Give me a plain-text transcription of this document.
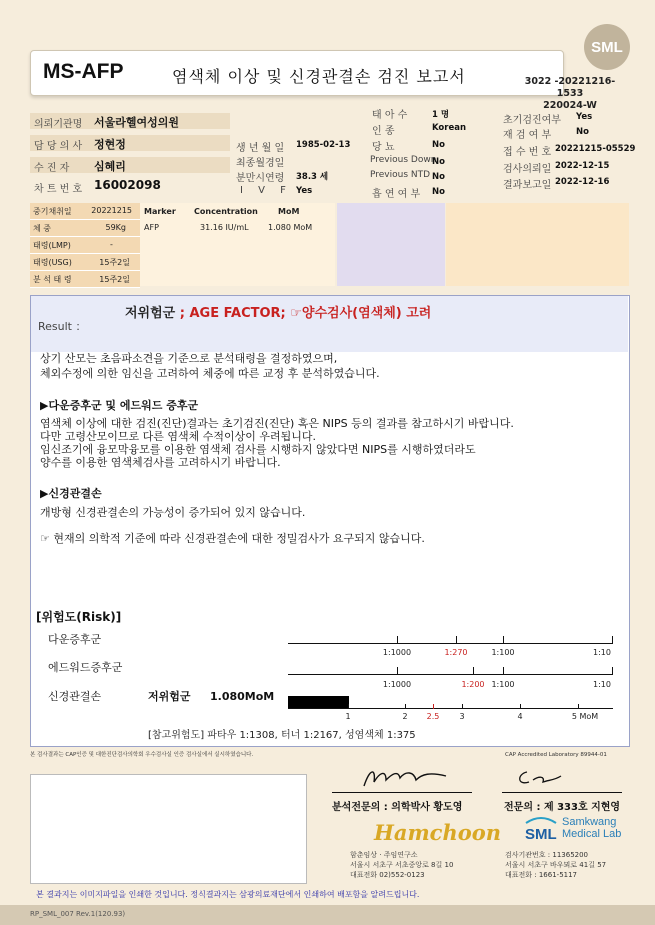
SML
MS-AFP	염색체 이상 및 신경관결손 검진 보고서	3022 -20221216-1533
220024-W
의뢰기관명 서울라헬여성의원
담 당 의 사 정현정
수 진 자 심혜리
차 트 번 호 16002098
생 년 월 일 1985-02-13
최종월경일
분만시연령 38.3 세
I V F Yes
태 아 수	1 명
인 종	Korean
당 뇨	No
Previous Down
No
Previous NTD No
흡 연 여 부 No
초기검진여부 Yes
재 검 여 부	No
접 수 번 호 20221215-05529
검사의뢰일 2022-12-15
결과보고일 2022-12-16
중기채취일 20221215
체 중	59Kg
태령(LMP)	-
태령(USG)	15주2일
분 석 태 령	15주2일
Marker Concentration	MoM
AFP	31.16 IU/mL 1.080 MoM
Result ：
저위험군 ; AGE FACTOR; ☞양수검사(염색체) 고려
상기 산모는 초음파소견을 기준으로 분석태령을 결정하였으며,
체외수정에 의한 임신을 고려하여 체중에 따른 교정 후 분석하였습니다.
▶다운증후군 및 에드워드 증후군
염색체 이상에 대한 검진(진단)결과는 초기검진(진단) 혹은 NIPS 등의 결과를 참고하시기 바랍니다.
다만 고령산모이므로 다른 염색체 수적이상이 우려됩니다.
임신조기에 융모막융모를 이용한 염색체 검사를 시행하지 않았다면 NIPS를 시행하였더라도
양수를 이용한 염색체검사를 고려하시기 바랍니다.
▶신경관결손
개방형 신경관결손의 가능성이 증가되어 있지 않습니다.
☞ 현재의 의학적 기준에 따라 신경관결손에 대한 정밀검사가 요구되지 않습니다.
[위험도(Risk)]
다운증후군
에드워드증후군
신경관결손	저위험군 1.080MoM
1:1000	1:270	1:100	1:10
1:1000	1:200 1:100	1:10
1	2 2.5	3	4	5 MoM
[참고위험도] 파타우 1:1308, 터너 1:2167, 성염색체 1:375
본 검사결과는 CAP인증 및 대한진단검사의학회 우수검사실 인증 검사실에서 실시하였습니다.	CAP Accredited Laboratory 89944-01
분석전문의 : 의학박사 황도영	전문의 : 제 333호 지현영
Hamchoon
함춘임상 · 주임연구소
서울시 서초구 서초중앙로 8길 10
대표전화 02)552-0123
SML
Samkwang
Medical Lab
검사기관번호 : 11365200
서울시 서초구 바우뫼로 41길 57
대표전화 : 1661-5117
본 결과지는 이미지파일을 인쇄한 것입니다. 정식결과지는 삼광의료재단에서 인쇄하여 배포함을 알려드립니다.
RP_SML_007 Rev.1(120.93)
